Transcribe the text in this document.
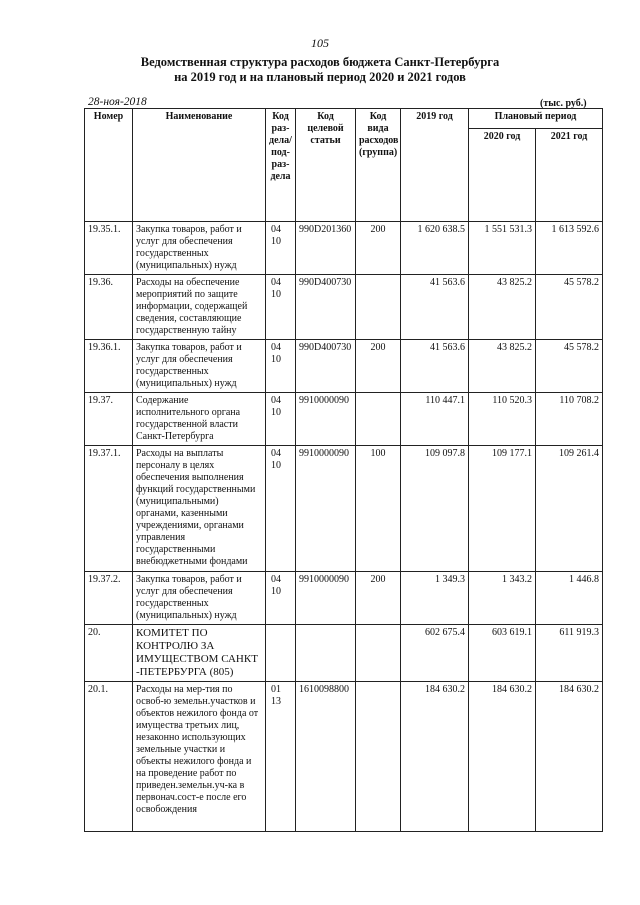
105
Ведомственная структура расходов бюджета Санкт-Петербурга
на 2019 год и на плановый период 2020 и 2021 годов
28-ноя-2018	(тыс. руб.)
Номер	Наименование	Код раз- дела/ под- раз- дела	Код целевой статьи	Код вида расходов (группа)	2019 год	Плановый период	
						2020 год	2021 год
19.35.1.	Закупка товаров, работ и услуг для обеспечения государственных (муниципальных) нужд	0410	990D201360	200	1 620 638.5	1 551 531.3	1 613 592.6
19.36.	Расходы на обеспечение мероприятий по защите информации, содержащей сведения, составляющие государственную тайну	0410	990D400730		41 563.6	43 825.2	45 578.2
19.36.1.	Закупка товаров, работ и услуг для обеспечения государственных (муниципальных) нужд	0410	990D400730	200	41 563.6	43 825.2	45 578.2
19.37.	Содержание исполнительного органа государственной власти Санкт-Петербурга	0410	9910000090		110 447.1	110 520.3	110 708.2
19.37.1.	Расходы на выплаты персоналу в целях обеспечения выполнения функций государственными (муниципальными) органами, казенными учреждениями, органами управления государственными внебюджетными фондами	0410	9910000090	100	109 097.8	109 177.1	109 261.4
19.37.2.	Закупка товаров, работ и услуг для обеспечения государственных (муниципальных) нужд	0410	9910000090	200	1 349.3	1 343.2	1 446.8
20.	КОМИТЕТ ПО КОНТРОЛЮ ЗА ИМУЩЕСТВОМ САНКТ -ПЕТЕРБУРГА (805)				602 675.4	603 619.1	611 919.3
20.1.	Расходы на мер-тия по освоб-ю земельн.участков и объектов нежилого фонда от имущества третьих лиц, незаконно использующих земельные участки и объекты нежилого фонда и на проведение работ по приведен.земельн.уч-ка в первонач.сост-е после его освобождения	0113	1610098800		184 630.2	184 630.2	184 630.2
